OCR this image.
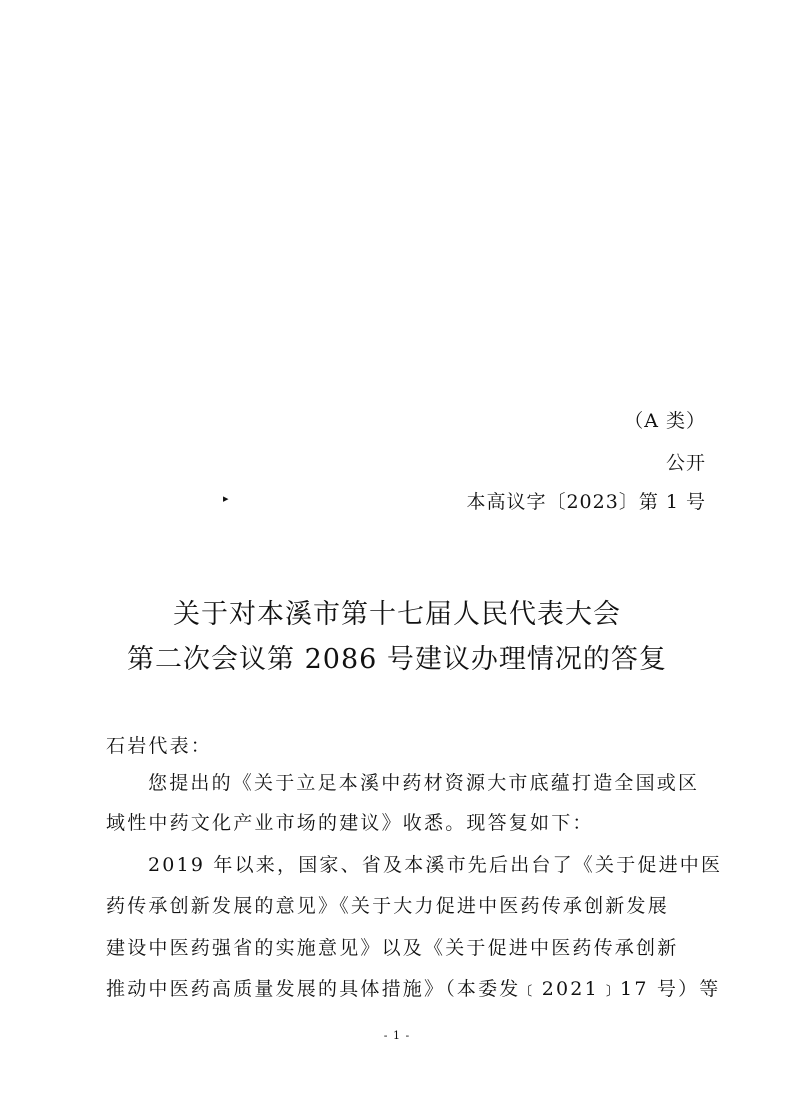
（A 类）
公开
▸	本高议字〔2023〕第 1 号
关于对本溪市第十七届人民代表大会
第二次会议第 2086 号建议办理情况的答复
石岩代表：
您提出的《关于立足本溪中药材资源大市底蕴打造全国或区
域性中药文化产业市场的建议》收悉。现答复如下：
2019 年以来，国家、省及本溪市先后出台了《关于促进中医
药传承创新发展的意见》《关于大力促进中医药传承创新发展
建设中医药强省的实施意见》以及《关于促进中医药传承创新
推动中医药高质量发展的具体措施》（本委发﹝2021﹞17 号）等
- 1 -
